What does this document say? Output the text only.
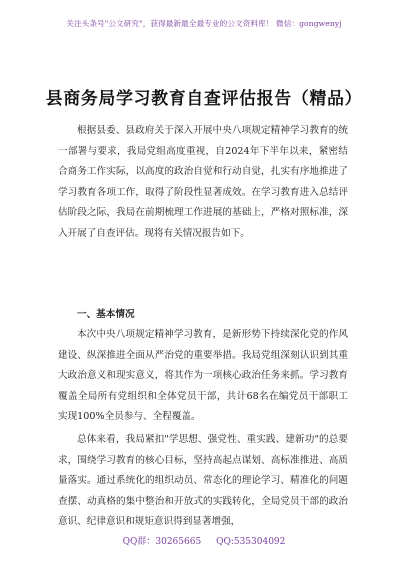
关注头条号"公文研究"，获得最新最全最专业的公文资料库！ 微信：gongwenyj
县商务局学习教育自查评估报告（精品）

根据县委、县政府关于深入开展中央八项规定精神学习教育的统一部署与要求，我局党组高度重视，自2024年下半年以来，紧密结合商务工作实际，以高度的政治自觉和行动自觉，扎实有序地推进了学习教育各项工作，取得了阶段性显著成效。在学习教育进入总结评估阶段之际，我局在前期梳理工作进展的基础上，严格对照标准，深入开展了自查评估。现将有关情况报告如下。

一、基本情况

本次中央八项规定精神学习教育，是新形势下持续深化党的作风建设、纵深推进全面从严治党的重要举措。我局党组深刻认识到其重大政治意义和现实意义，将其作为一项核心政治任务来抓。学习教育覆盖全局所有党组织和全体党员干部，共计68名在编党员干部职工实现100%全员参与、全程覆盖。

总体来看，我局紧扣"学思想、强党性、重实践、建新功"的总要求，围绕学习教育的核心目标，坚持高起点谋划、高标准推进、高质量落实。通过系统化的组织动员、常态化的理论学习、精准化的问题查摆、动真格的集中整治和开放式的实践转化，全局党员干部的政治意识、纪律意识和规矩意识得到显著增强，

QQ群：30265665 QQ:535304092
